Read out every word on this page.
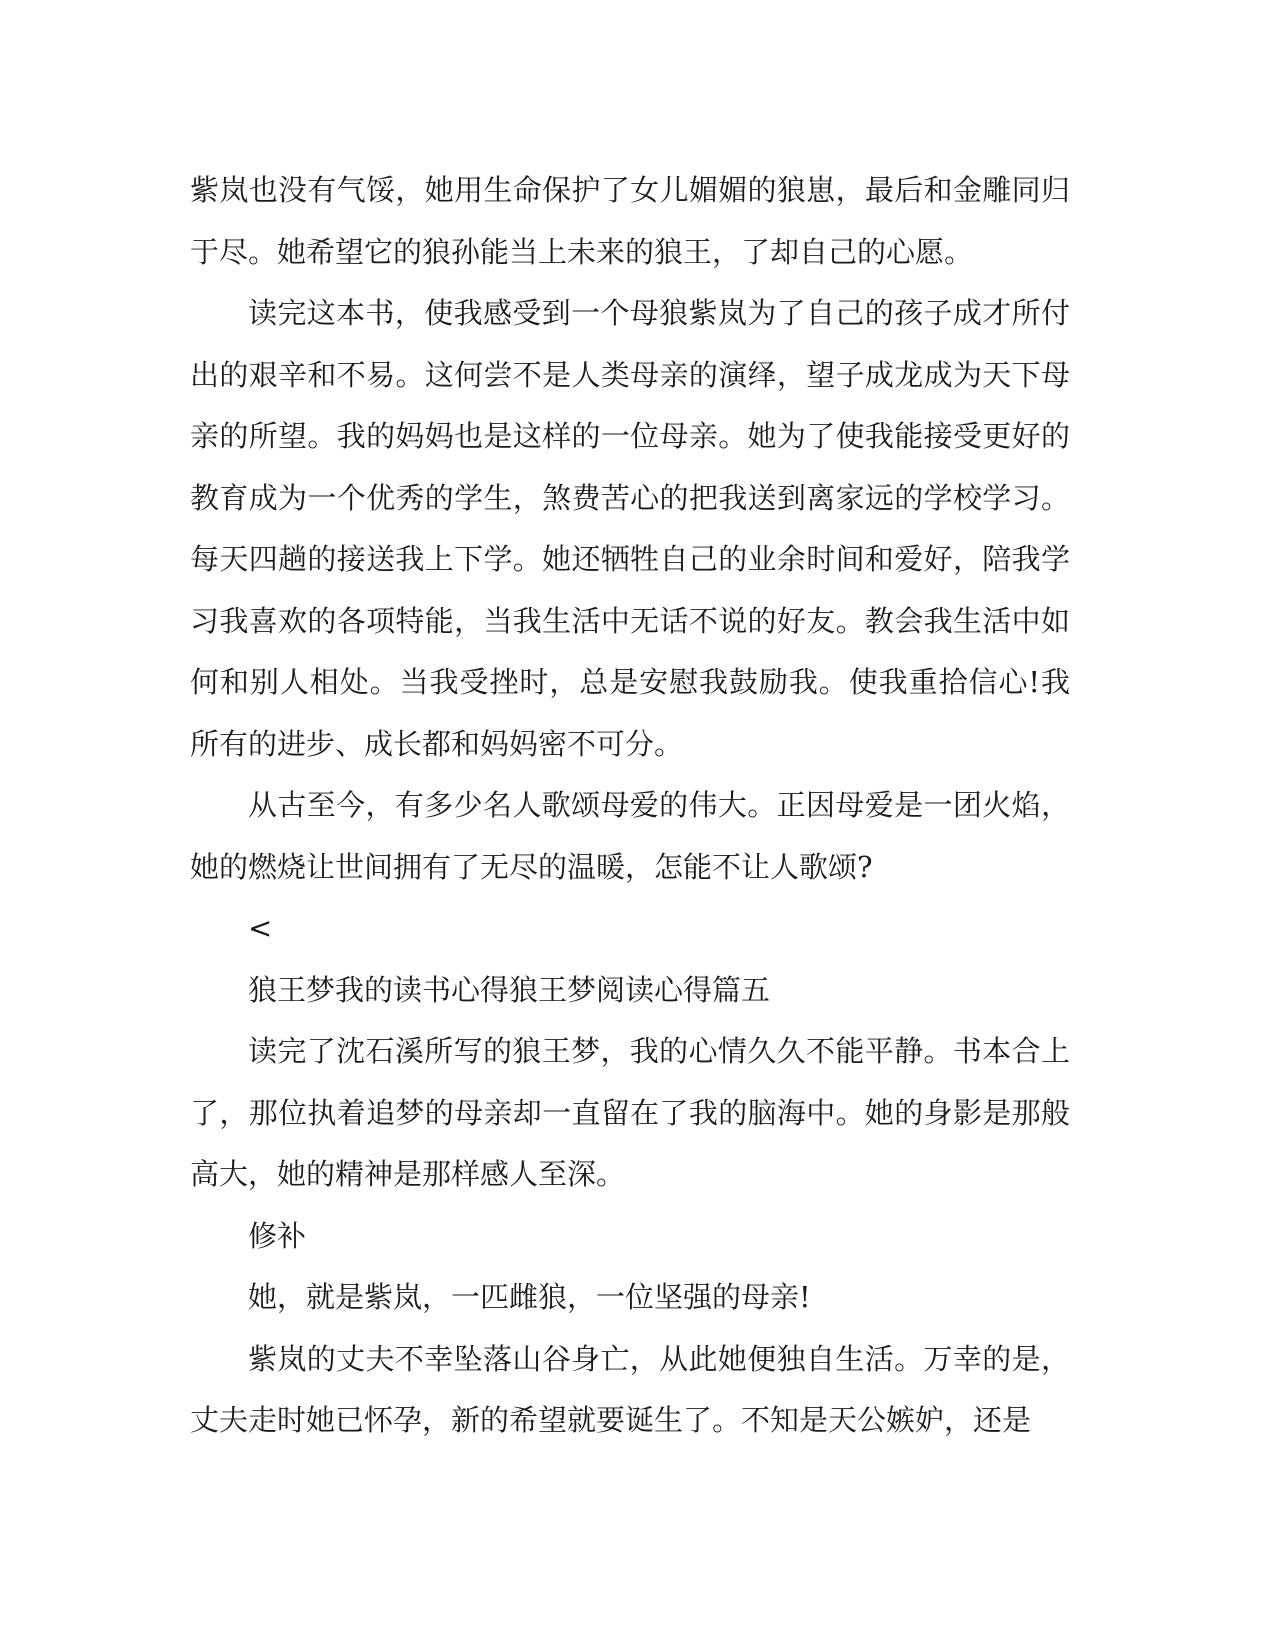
紫岚也没有气馁，她用生命保护了女儿媚媚的狼崽，最后和金雕同归于尽。她希望它的狼孙能当上未来的狼王，了却自己的心愿。

读完这本书，使我感受到一个母狼紫岚为了自己的孩子成才所付出的艰辛和不易。这何尝不是人类母亲的演绎，望子成龙成为天下母亲的所望。我的妈妈也是这样的一位母亲。她为了使我能接受更好的教育成为一个优秀的学生，煞费苦心的把我送到离家远的学校学习。每天四趟的接送我上下学。她还牺牲自己的业余时间和爱好，陪我学习我喜欢的各项特能，当我生活中无话不说的好友。教会我生活中如何和别人相处。当我受挫时，总是安慰我鼓励我。使我重拾信心!我所有的进步、成长都和妈妈密不可分。

从古至今，有多少名人歌颂母爱的伟大。正因母爱是一团火焰，她的燃烧让世间拥有了无尽的温暖，怎能不让人歌颂?

<

狼王梦我的读书心得狼王梦阅读心得篇五

读完了沈石溪所写的狼王梦，我的心情久久不能平静。书本合上了，那位执着追梦的母亲却一直留在了我的脑海中。她的身影是那般高大，她的精神是那样感人至深。

修补

她，就是紫岚，一匹雌狼，一位坚强的母亲!

紫岚的丈夫不幸坠落山谷身亡，从此她便独自生活。万幸的是，丈夫走时她已怀孕，新的希望就要诞生了。不知是天公嫉妒，还是
